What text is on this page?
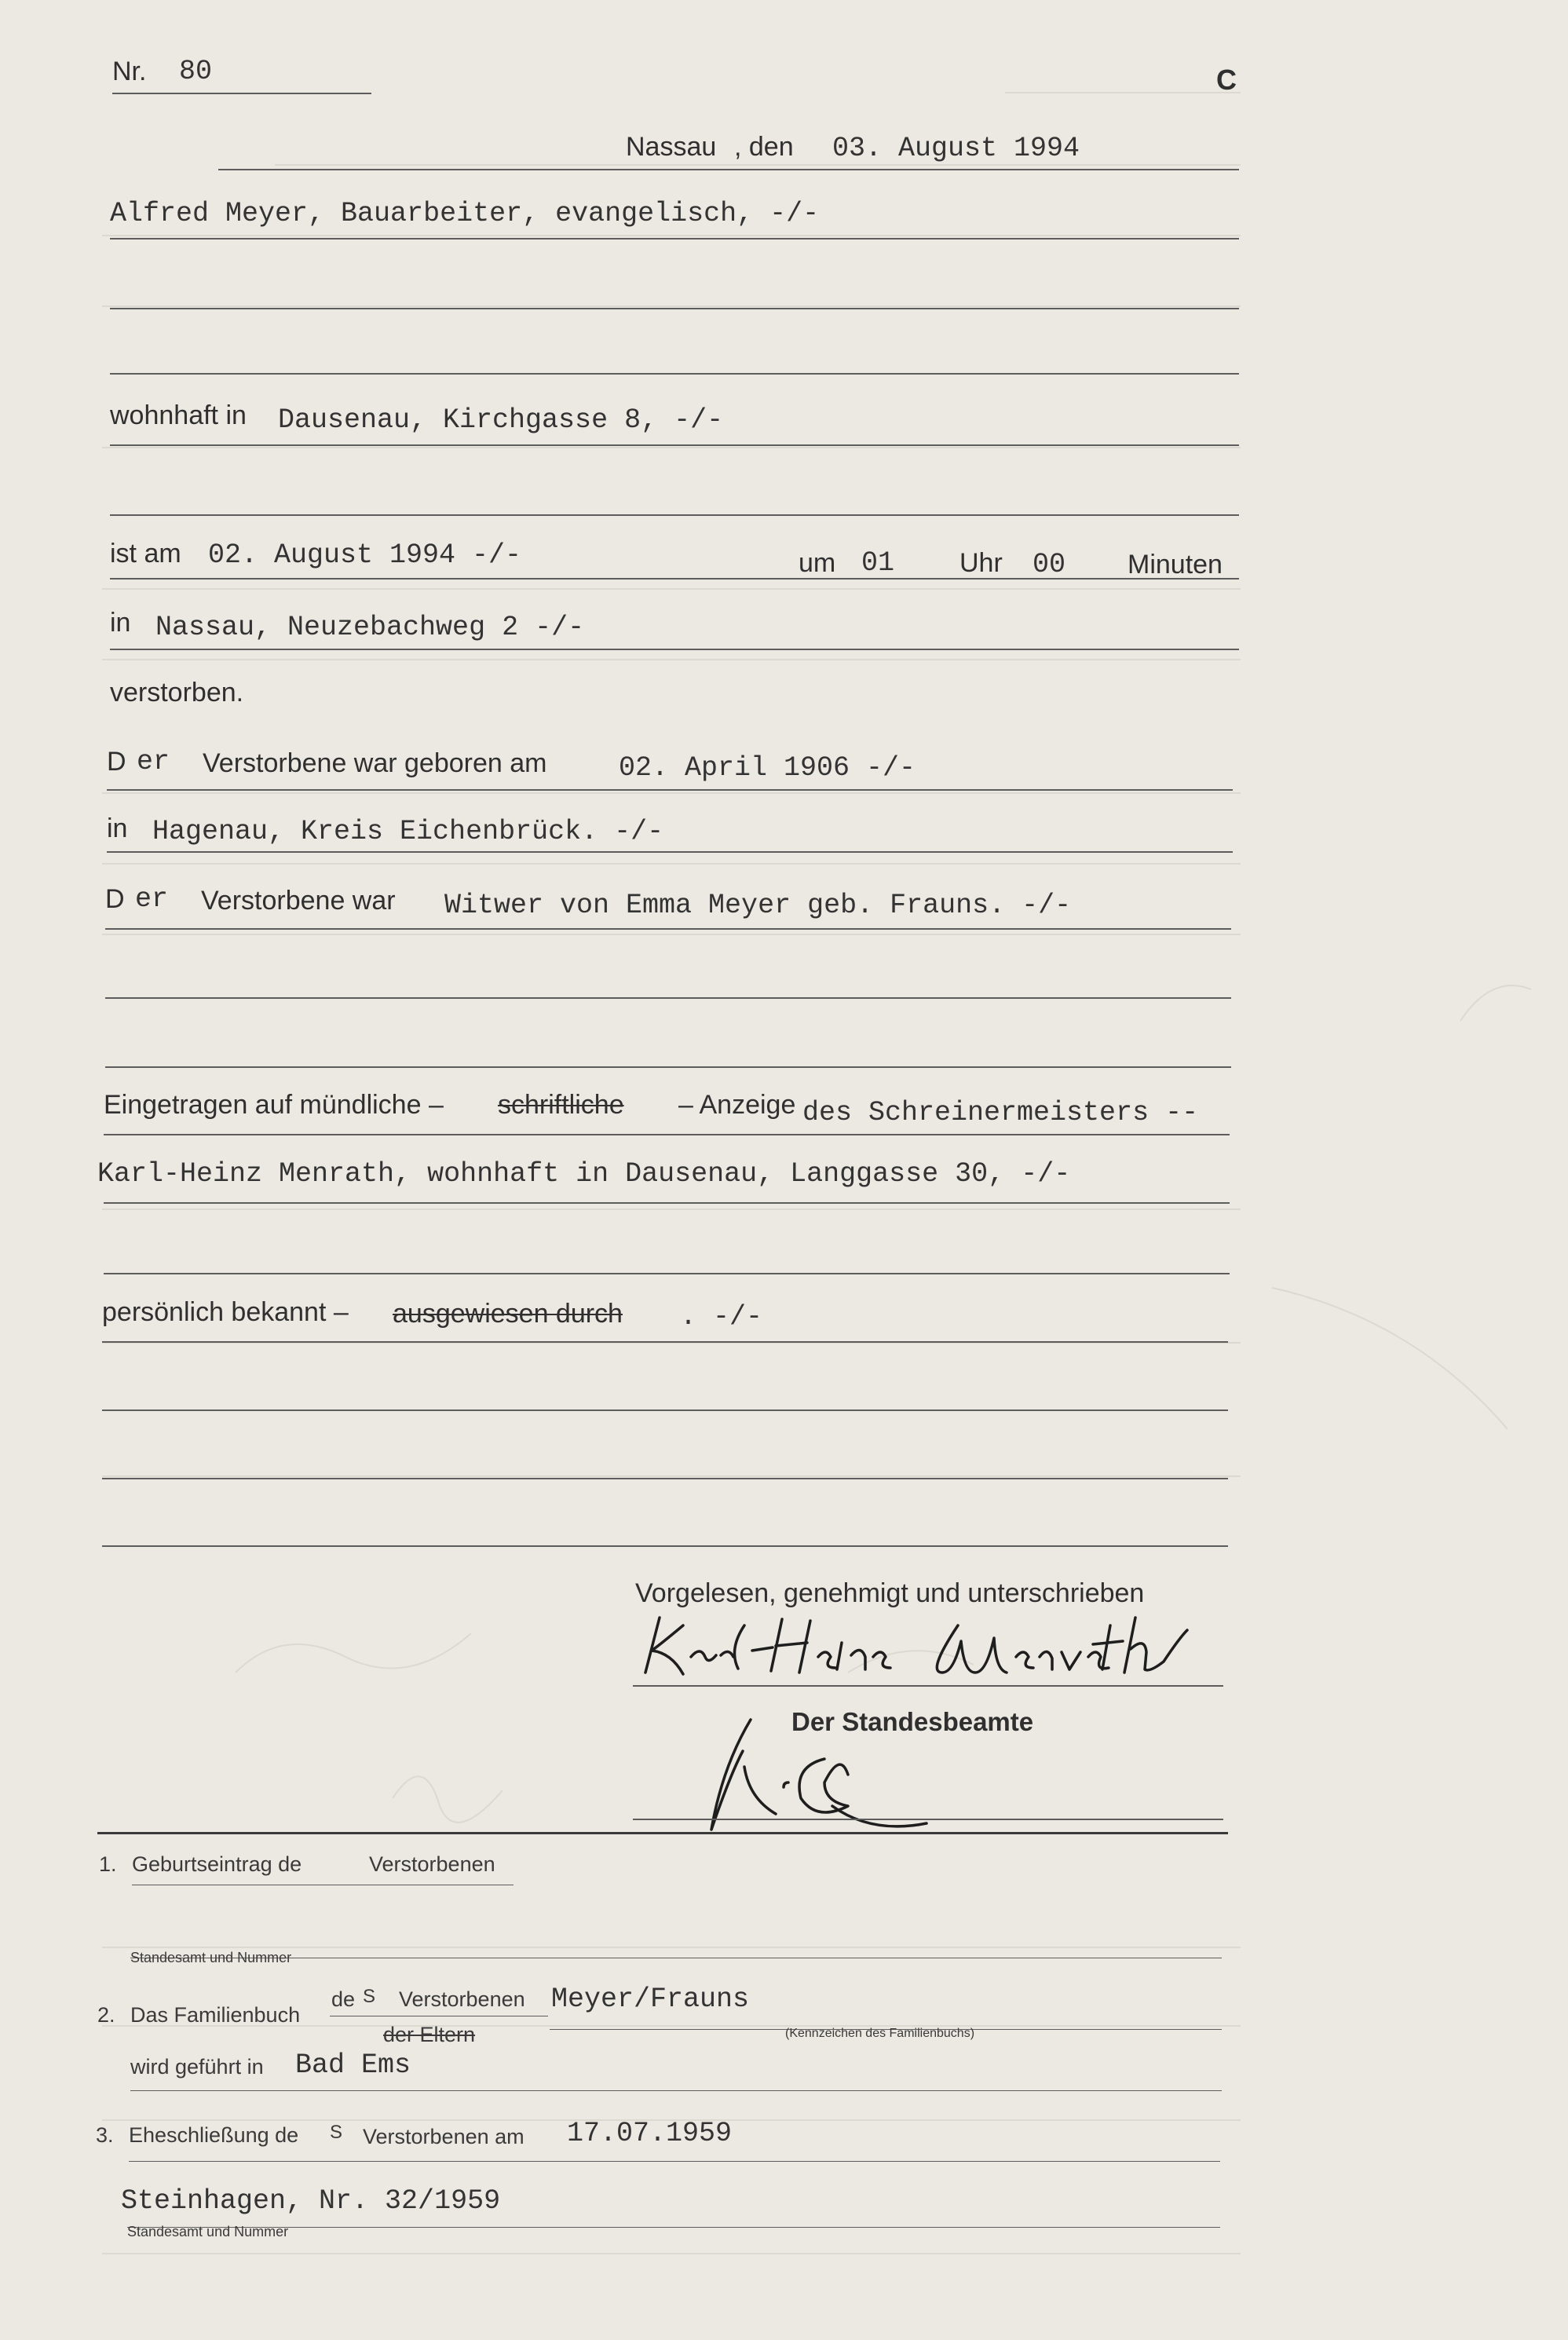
Nr. 80	C
Nassau , den 03. August 1994
Alfred Meyer, Bauarbeiter, evangelisch, -/-
wohnhaft in Dausenau, Kirchgasse 8, -/-
ist am 02. August 1994 -/-	um 01 Uhr 00 Minuten
in Nassau, Neuzebachweg 2 -/-
verstorben.
D er Verstorbene war geboren am	02. April 1906 -/-
in Hagenau, Kreis Eichenbrück. -/-
D er Verstorbene war Witwer von Emma Meyer geb. Frauns. -/-
Eingetragen auf mündliche – schriftliche – Anzeige des Schreinermeisters --
Karl-Heinz Menrath, wohnhaft in Dausenau, Langgasse 30, -/-
persönlich bekannt – ausgewiesen durch . -/-
Vorgelesen, genehmigt und unterschrieben
Der Standesbeamte
1. Geburtseintrag de	Verstorbenen
Standesamt und Nummer
2. Das Familienbuch
de S Verstorbenen
der Eltern
Meyer/Frauns
(Kennzeichen des Familienbuchs)
wird geführt in Bad Ems
3. Eheschließung de S Verstorbenen am 17.07.1959
Steinhagen, Nr. 32/1959
Standesamt und Nummer
